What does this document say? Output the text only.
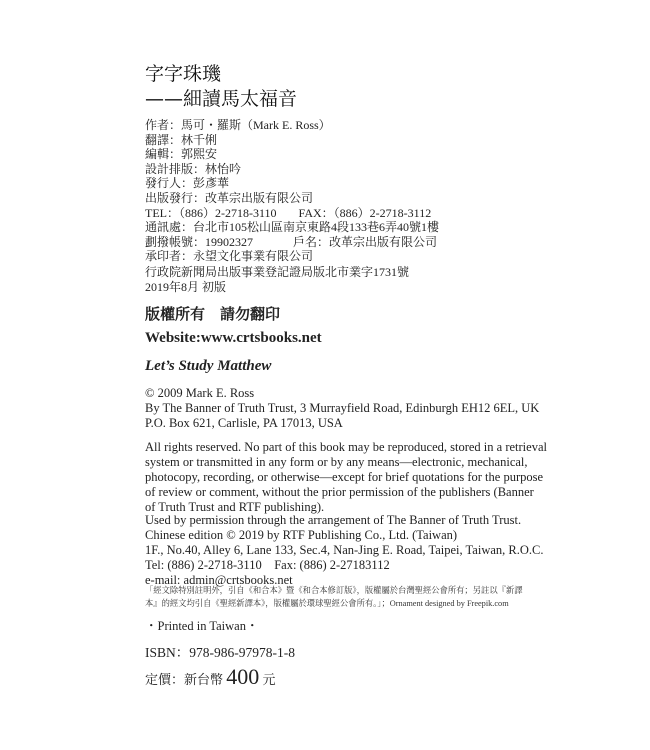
字字珠璣
——細讀馬太福音
作者：馬可・羅斯（Mark E. Ross）
翻譯：林千俐
編輯：郭熙安
設計排版：林怡吟
發行人：彭彥華
出版發行：改革宗出版有限公司
TEL：（886）2-2718-3110 FAX：（886）2-2718-3112
通訊處：台北市105松山區南京東路4段133巷6弄40號1樓
劃撥帳號：19902327	戶名：改革宗出版有限公司
承印者：永望文化事業有限公司
行政院新聞局出版事業登記證局版北市業字1731號
2019年8月 初版
版權所有　請勿翻印
Website:www.crtsbooks.net
Let’s Study Matthew
© 2009 Mark E. Ross
By The Banner of Truth Trust, 3 Murrayfield Road, Edinburgh EH12 6EL, UK
P.O. Box 621, Carlisle, PA 17013, USA
All rights reserved. No part of this book may be reproduced, stored in a retrieval
system or transmitted in any form or by any means—electronic, mechanical,
photocopy, recording, or otherwise—except for brief quotations for the purpose
of review or comment, without the prior permission of the publishers (Banner
of Truth Trust and RTF publishing).
Used by permission through the arrangement of The Banner of Truth Trust.
Chinese edition © 2019 by RTF Publishing Co., Ltd. (Taiwan)
1F., No.40, Alley 6, Lane 133, Sec.4, Nan-Jing E. Road, Taipei, Taiwan, R.O.C.
Tel: (886) 2-2718-3110　Fax: (886) 2-27183112
e-mail: admin@crtsbooks.net
「經文除特別註明外，引自《和合本》暨《和合本修訂版》，版權屬於台灣聖經公會所有；另註以『新譯
本』的經文均引自《聖經新譯本》，版權屬於環球聖經公會所有。」；Ornament designed by Freepik.com
・Printed in Taiwan・
ISBN：978-986-97978-1-8
定價：新台幣 400 元
